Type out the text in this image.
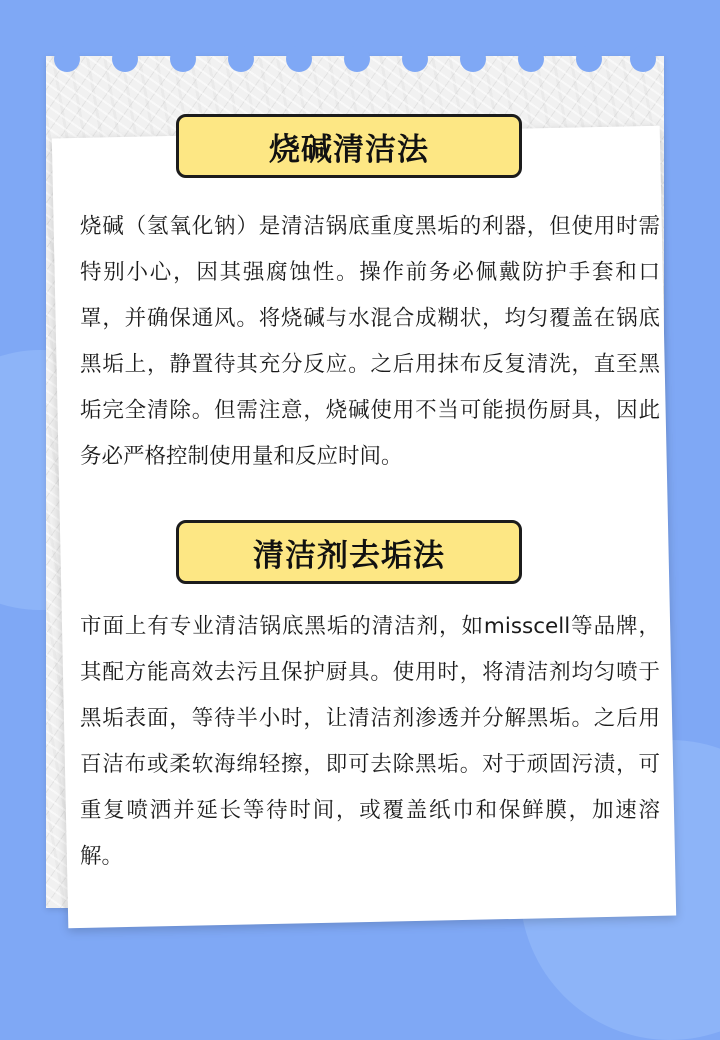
烧碱清洁法

烧碱（氢氧化钠）是清洁锅底重度黑垢的利器，但使用时需特别小心，因其强腐蚀性。操作前务必佩戴防护手套和口罩，并确保通风。将烧碱与水混合成糊状，均匀覆盖在锅底黑垢上，静置待其充分反应。之后用抹布反复清洗，直至黑垢完全清除。但需注意，烧碱使用不当可能损伤厨具，因此务必严格控制使用量和反应时间。

清洁剂去垢法

市面上有专业清洁锅底黑垢的清洁剂，如misscell等品牌，其配方能高效去污且保护厨具。使用时，将清洁剂均匀喷于黑垢表面，等待半小时，让清洁剂渗透并分解黑垢。之后用百洁布或柔软海绵轻擦，即可去除黑垢。对于顽固污渍，可重复喷洒并延长等待时间，或覆盖纸巾和保鲜膜，加速溶解。
